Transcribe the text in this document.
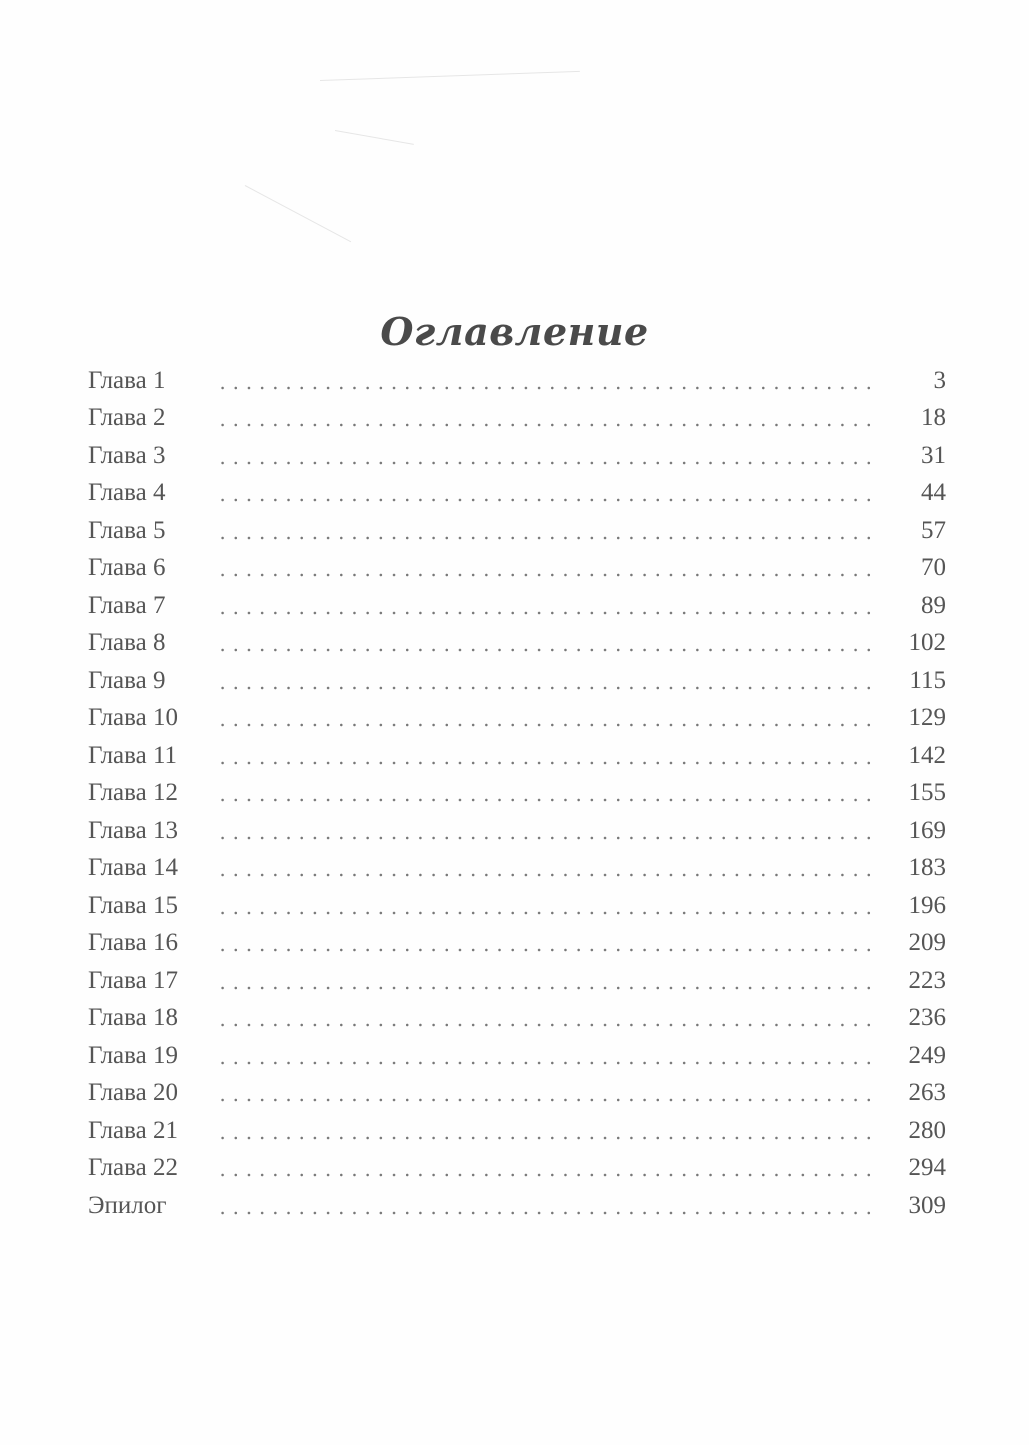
Оглавление
Глава 1	3
Глава 2	18
Глава 3	31
Глава 4	44
Глава 5	57
Глава 6	70
Глава 7	89
Глава 8	102
Глава 9	115
Глава 10	129
Глава 11	142
Глава 12	155
Глава 13	169
Глава 14	183
Глава 15	196
Глава 16	209
Глава 17	223
Глава 18	236
Глава 19	249
Глава 20	263
Глава 21	280
Глава 22	294
Эпилог	309
